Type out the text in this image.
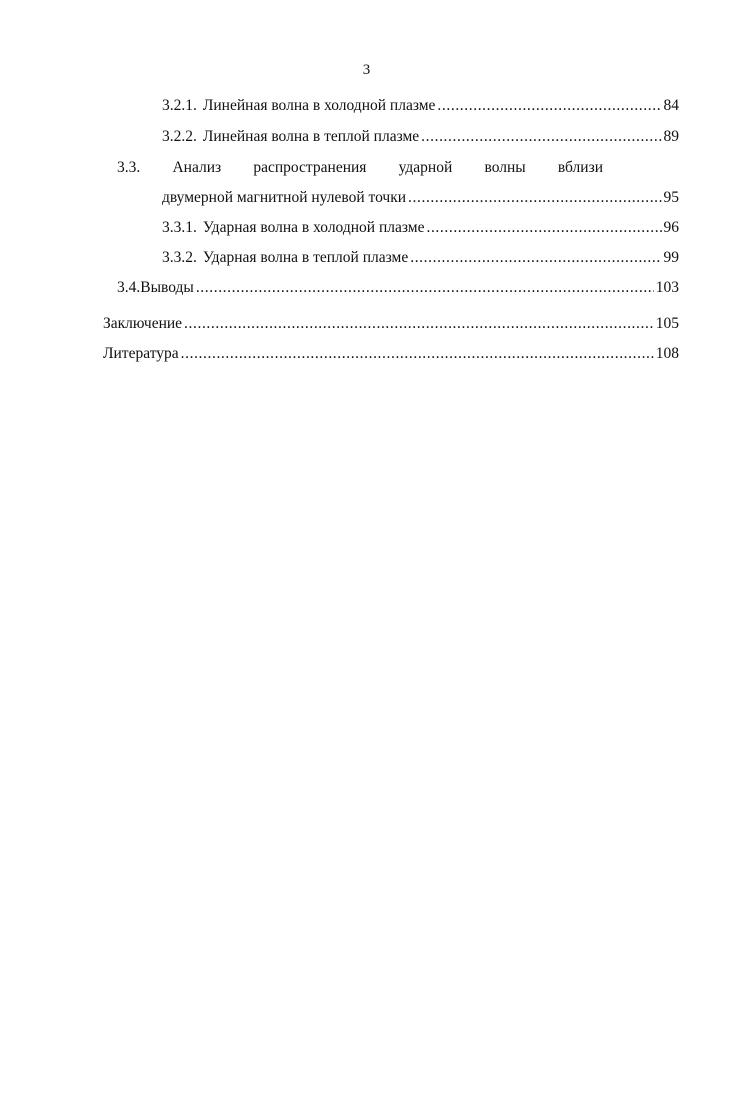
3
3.2.1. Линейная волна в холодной плазме .....	84
3.2.2. Линейная волна в теплой плазме .....	89
3.3. Анализ распространения ударной волны вблизи
двумерной магнитной нулевой точки .....	95
3.3.1. Ударная волна в холодной плазме .....	96
3.3.2. Ударная волна в теплой плазме .....	99
3.4. Выводы .....	103
Заключение .....	105
Литература .....	108
